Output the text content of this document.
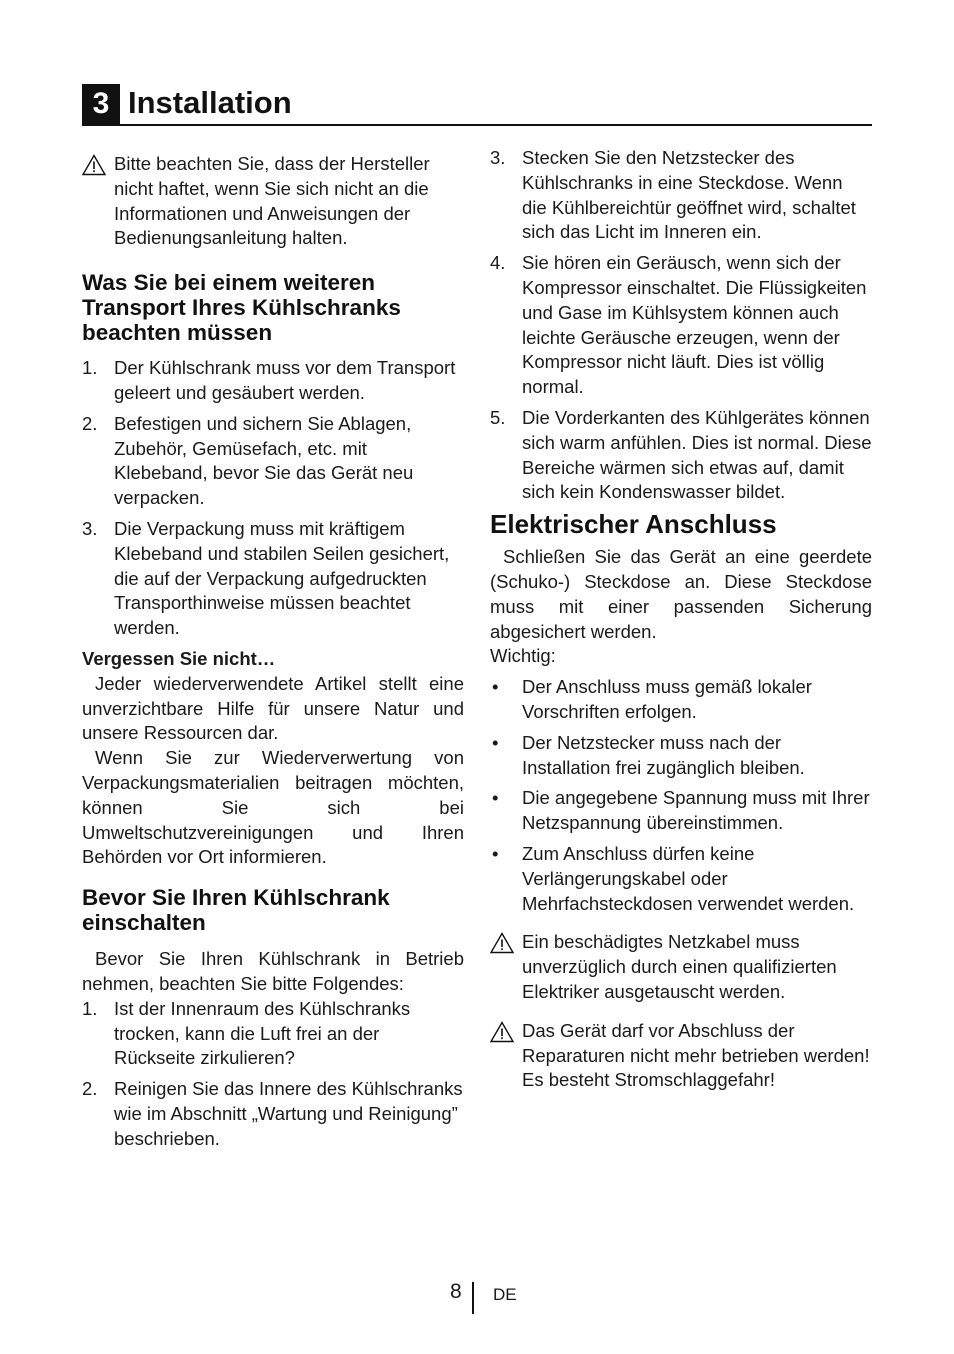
3 Installation

Bitte beachten Sie, dass der Hersteller nicht haftet, wenn Sie sich nicht an die Informationen und Anweisungen der Bedienungsanleitung halten.

Was Sie bei einem weiteren Transport Ihres Kühlschranks beachten müssen
1. Der Kühlschrank muss vor dem Transport geleert und gesäubert werden.
2. Befestigen und sichern Sie Ablagen, Zubehör, Gemüsefach, etc. mit Klebeband, bevor Sie das Gerät neu verpacken.
3. Die Verpackung muss mit kräftigem Klebeband und stabilen Seilen gesichert, die auf der Verpackung aufgedruckten Transporthinweise müssen beachtet werden.

Vergessen Sie nicht…

Jeder wiederverwendete Artikel stellt eine unverzichtbare Hilfe für unsere Natur und unsere Ressourcen dar.

Wenn Sie zur Wiederverwertung von Verpackungsmaterialien beitragen möchten, können Sie sich bei Umweltschutzvereinigungen und Ihren Behörden vor Ort informieren.

Bevor Sie Ihren Kühlschrank einschalten

Bevor Sie Ihren Kühlschrank in Betrieb nehmen, beachten Sie bitte Folgendes:

1. Ist der Innenraum des Kühlschranks trocken, kann die Luft frei an der Rückseite zirkulieren?
2. Reinigen Sie das Innere des Kühlschranks wie im Abschnitt „Wartung und Reinigung” beschrieben.
3. Stecken Sie den Netzstecker des Kühlschranks in eine Steckdose. Wenn die Kühlbereichtür geöffnet wird, schaltet sich das Licht im Inneren ein.
4. Sie hören ein Geräusch, wenn sich der Kompressor einschaltet. Die Flüssigkeiten und Gase im Kühlsystem können auch leichte Geräusche erzeugen, wenn der Kompressor nicht läuft. Dies ist völlig normal.
5. Die Vorderkanten des Kühlgerätes können sich warm anfühlen. Dies ist normal. Diese Bereiche wärmen sich etwas auf, damit sich kein Kondenswasser bildet.
Elektrischer Anschluss

Schließen Sie das Gerät an eine geerdete (Schuko-) Steckdose an. Diese Steckdose muss mit einer passenden Sicherung abgesichert werden.

Wichtig:

• Der Anschluss muss gemäß lokaler Vorschriften erfolgen.
• Der Netzstecker muss nach der Installation frei zugänglich bleiben.
• Die angegebene Spannung muss mit Ihrer Netzspannung übereinstimmen.
• Zum Anschluss dürfen keine Verlängerungskabel oder Mehrfachsteckdosen verwendet werden.

Ein beschädigtes Netzkabel muss unverzüglich durch einen qualifizierten Elektriker ausgetauscht werden.

Das Gerät darf vor Abschluss der Reparaturen nicht mehr betrieben werden! Es besteht Stromschlaggefahr!

8 DE
